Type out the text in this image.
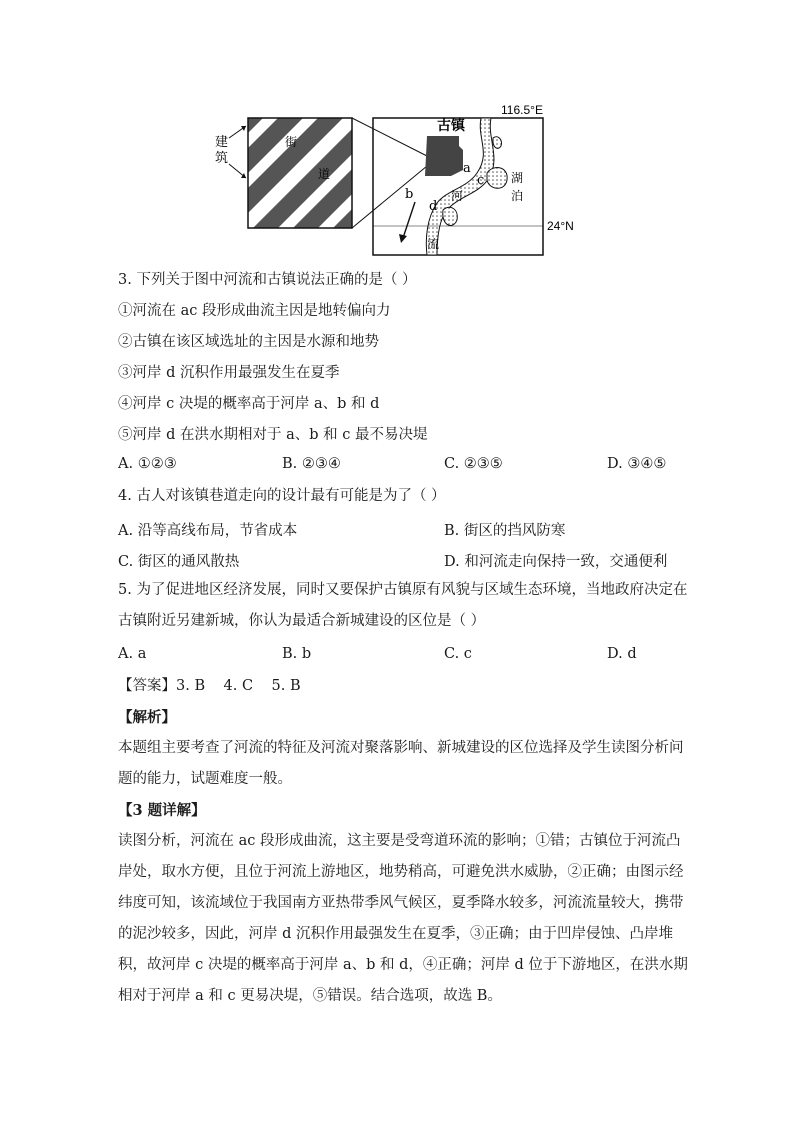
建
筑
街
道
古镇
a
c
b
d
河
流
湖
泊
116.5°E
24°N
3. 下列关于图中河流和古镇说法正确的是（ ）
①河流在 ac 段形成曲流主因是地转偏向力
②古镇在该区域选址的主因是水源和地势
③河岸 d 沉积作用最强发生在夏季
④河岸 c 决堤的概率高于河岸 a、b 和 d
⑤河岸 d 在洪水期相对于 a、b 和 c 最不易决堤
A. ①②③	B. ②③④	C. ②③⑤	D. ③④⑤
4. 古人对该镇巷道走向的设计最有可能是为了（ ）
A. 沿等高线布局，节省成本	B. 街区的挡风防寒
C. 街区的通风散热	D. 和河流走向保持一致，交通便利
5. 为了促进地区经济发展，同时又要保护古镇原有风貌与区域生态环境，当地政府决定在古镇附近另建新城，你认为最适合新城建设的区位是（ ）
A. a	B. b	C. c	D. d
【答案】3. B    4. C    5. B
【解析】
本题组主要考查了河流的特征及河流对聚落影响、新城建设的区位选择及学生读图分析问题的能力，试题难度一般。
【3 题详解】
读图分析，河流在 ac 段形成曲流，这主要是受弯道环流的影响；①错；古镇位于河流凸岸处，取水方便，且位于河流上游地区，地势稍高，可避免洪水威胁，②正确；由图示经纬度可知，该流域位于我国南方亚热带季风气候区，夏季降水较多，河流流量较大，携带的泥沙较多，因此，河岸 d 沉积作用最强发生在夏季，③正确；由于凹岸侵蚀、凸岸堆积，故河岸 c 决堤的概率高于河岸 a、b 和 d，④正确；河岸 d 位于下游地区，在洪水期相对于河岸 a 和 c 更易决堤，⑤错误。结合选项，故选 B。
